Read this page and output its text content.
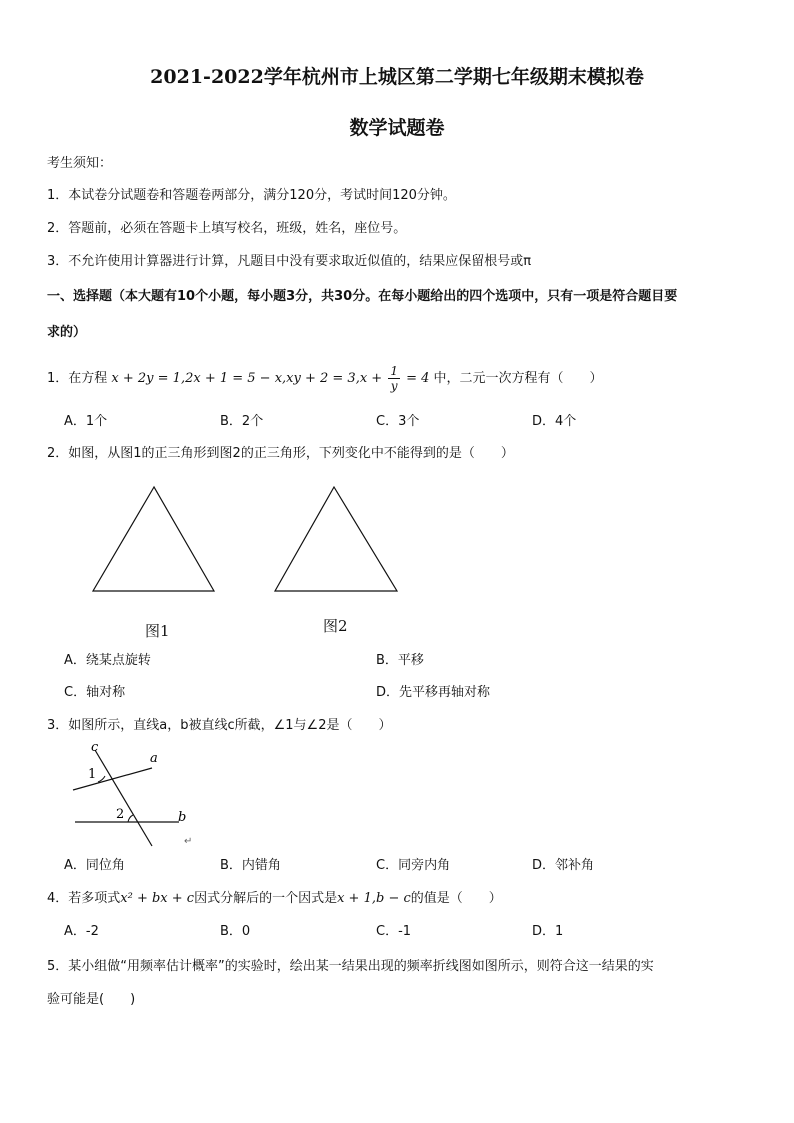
2021-2022学年杭州市上城区第二学期七年级期末模拟卷
数学试题卷
考生须知：
1．本试卷分试题卷和答题卷两部分，满分120分，考试时间120分钟。
2．答题前，必须在答题卡上填写校名，班级，姓名，座位号。
3．不允许使用计算器进行计算，凡题目中没有要求取近似值的，结果应保留根号或π
一、选择题（本大题有10个小题，每小题3分，共30分。在每小题给出的四个选项中，只有一项是符合题目要
求的）
1．在方程 $x + 2y = 1,2x + 1 = 5 - x,xy + 2 = 3,x + \frac{1}{y} = 4$ 中，二元一次方程有（　　）
A．1个	B．2个	C．3个	D．4个
2．如图，从图1的正三角形到图2的正三角形，下列变化中不能得到的是（　　）
图1	图2
A．绕某点旋转	B．平移
C．轴对称	D．先平移再轴对称
3．如图所示，直线a，b被直线c所截，∠1与∠2是（　　）
c
a
b
1
2
↵
A．同位角	B．内错角	C．同旁内角	D．邻补角
4．若多项式x² + bx + c因式分解后的一个因式是x + 1,b − c的值是（　　）
A．-2	B．0	C．-1	D．1
5．某小组做“用频率估计概率”的实验时，绘出某一结果出现的频率折线图如图所示，则符合这一结果的实
验可能是(　　)
